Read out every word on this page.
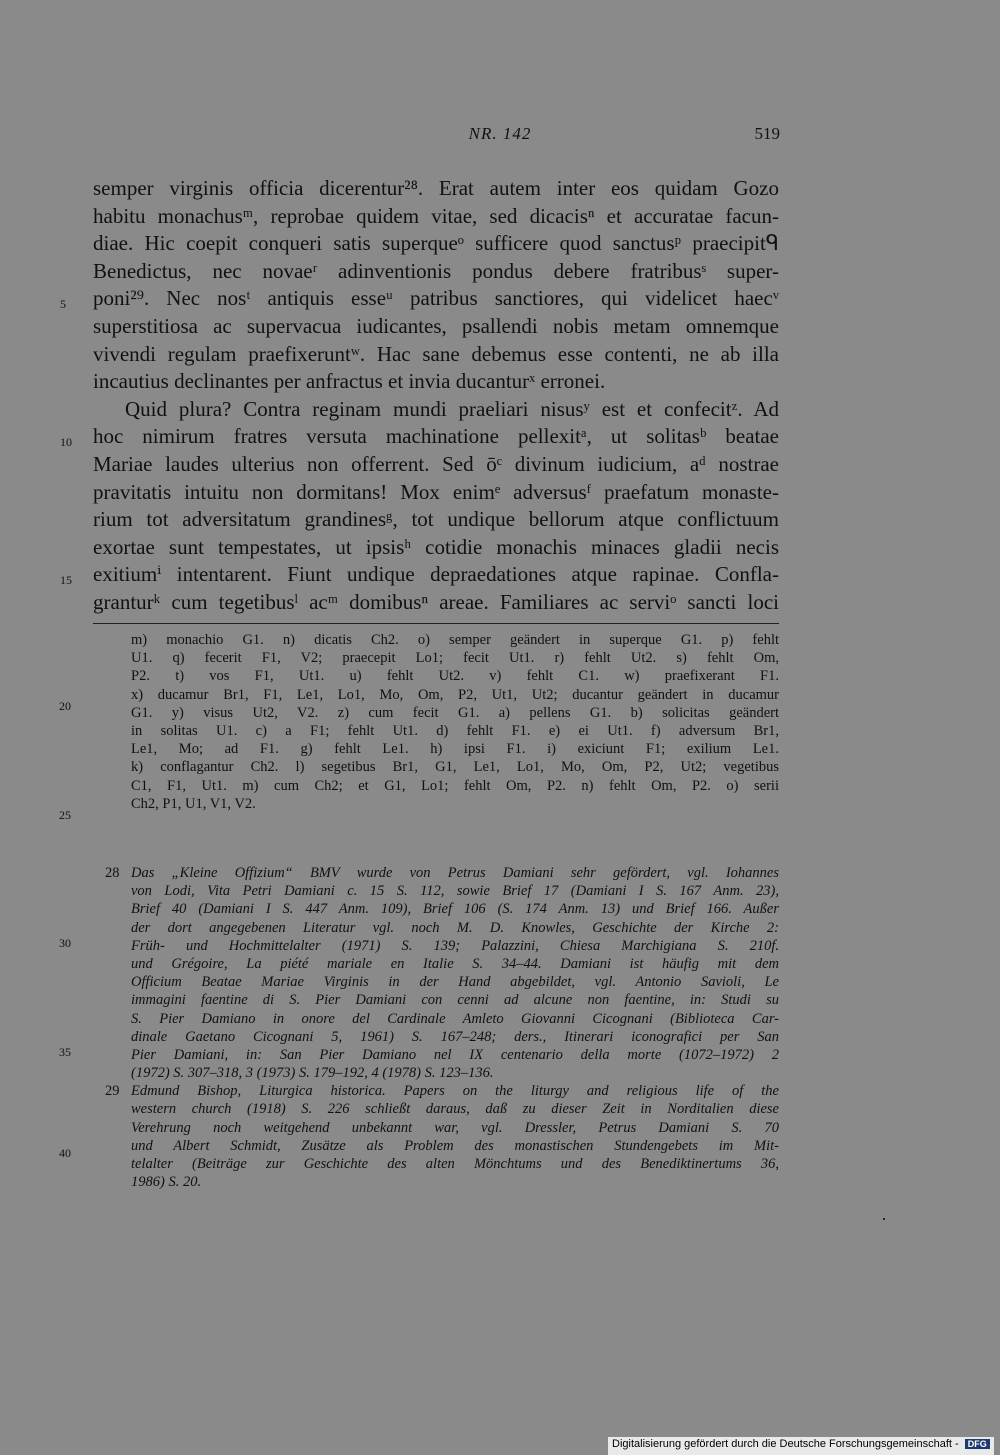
NR. 142	519
semper virginis officia dicerentur²⁸. Erat autem inter eos quidam Gozo
habitu monachusᵐ, reprobae quidem vitae, sed dicacisⁿ et accuratae facun-
diae. Hic coepit conqueri satis superqueᵒ sufficere quod sanctusᵖ praecipitᑫ
Benedictus, nec novaeʳ adinventionis pondus debere fratribusˢ super-
5 poni²⁹. Nec nosᵗ antiquis esseᵘ patribus sanctiores, qui videlicet haecᵛ
superstitiosa ac supervacua iudicantes, psallendi nobis metam omnemque
vivendi regulam praefixeruntʷ. Hac sane debemus esse contenti, ne ab illa
incautius declinantes per anfractus et invia ducanturˣ erronei.
Quid plura? Contra reginam mundi praeliari nisusʸ est et confecitᶻ. Ad
10 hoc nimirum fratres versuta machinatione pellexitᵃ, ut solitasᵇ beatae
Mariae laudes ulterius non offerrent. Sed ōᶜ divinum iudicium, aᵈ nostrae
pravitatis intuitu non dormitans! Mox enimᵉ adversusᶠ praefatum monaste-
rium tot adversitatum grandinesᵍ, tot undique bellorum atque conflictuum
exortae sunt tempestates, ut ipsisʰ cotidie monachis minaces gladii necis
15 exitiumⁱ intentarent. Fiunt undique depraedationes atque rapinae. Confla-
granturᵏ cum tegetibusˡ acᵐ domibusⁿ areae. Familiares ac serviᵒ sancti loci
m) monachio G1. n) dicatis Ch2. o) semper geändert in superque G1. p) fehlt
U1. q) fecerit F1, V2; praecepit Lo1; fecit Ut1. r) fehlt Ut2. s) fehlt Om,
P2. t) vos F1, Ut1. u) fehlt Ut2. v) fehlt C1. w) praefixerant F1.
x) ducamur Br1, F1, Le1, Lo1, Mo, Om, P2, Ut1, Ut2; ducantur geändert in ducamur
G1. y) visus Ut2, V2. z) cum fecit G1. a) pellens G1. b) solicitas geändert
in solitas U1. c) a F1; fehlt Ut1. d) fehlt F1. e) ei Ut1. f) adversum Br1,
Le1, Mo; ad F1. g) fehlt Le1. h) ipsi F1. i) exiciunt F1; exilium Le1.
k) conflagantur Ch2. l) segetibus Br1, G1, Le1, Lo1, Mo, Om, P2, Ut2; vegetibus
C1, F1, Ut1. m) cum Ch2; et G1, Lo1; fehlt Om, P2. n) fehlt Om, P2. o) serii
Ch2, P1, U1, V1, V2.
20
25
28 Das „Kleine Offizium“ BMV wurde von Petrus Damiani sehr gefördert, vgl. Iohannes
von Lodi, Vita Petri Damiani c. 15 S. 112, sowie Brief 17 (Damiani I S. 167 Anm. 23),
Brief 40 (Damiani I S. 447 Anm. 109), Brief 106 (S. 174 Anm. 13) und Brief 166. Außer
der dort angegebenen Literatur vgl. noch M. D. Knowles, Geschichte der Kirche 2:
Früh- und Hochmittelalter (1971) S. 139; Palazzini, Chiesa Marchigiana S. 210f.
und Grégoire, La piété mariale en Italie S. 34–44. Damiani ist häufig mit dem
Officium Beatae Mariae Virginis in der Hand abgebildet, vgl. Antonio Savioli, Le
immagini faentine di S. Pier Damiani con cenni ad alcune non faentine, in: Studi su
S. Pier Damiano in onore del Cardinale Amleto Giovanni Cicognani (Biblioteca Car-
dinale Gaetano Cicognani 5, 1961) S. 167–248; ders., Itinerari iconografici per San
Pier Damiani, in: San Pier Damiano nel IX centenario della morte (1072–1972) 2
(1972) S. 307–318, 3 (1973) S. 179–192, 4 (1978) S. 123–136.
29 Edmund Bishop, Liturgica historica. Papers on the liturgy and religious life of the
western church (1918) S. 226 schließt daraus, daß zu dieser Zeit in Norditalien diese
Verehrung noch weitgehend unbekannt war, vgl. Dressler, Petrus Damiani S. 70
und Albert Schmidt, Zusätze als Problem des monastischen Stundengebets im Mit-
telalter (Beiträge zur Geschichte des alten Mönchtums und des Benediktinertums 36,
1986) S. 20.
30
35
40
Digitalisierung gefördert durch die Deutsche Forschungsgemeinschaft - DFG
